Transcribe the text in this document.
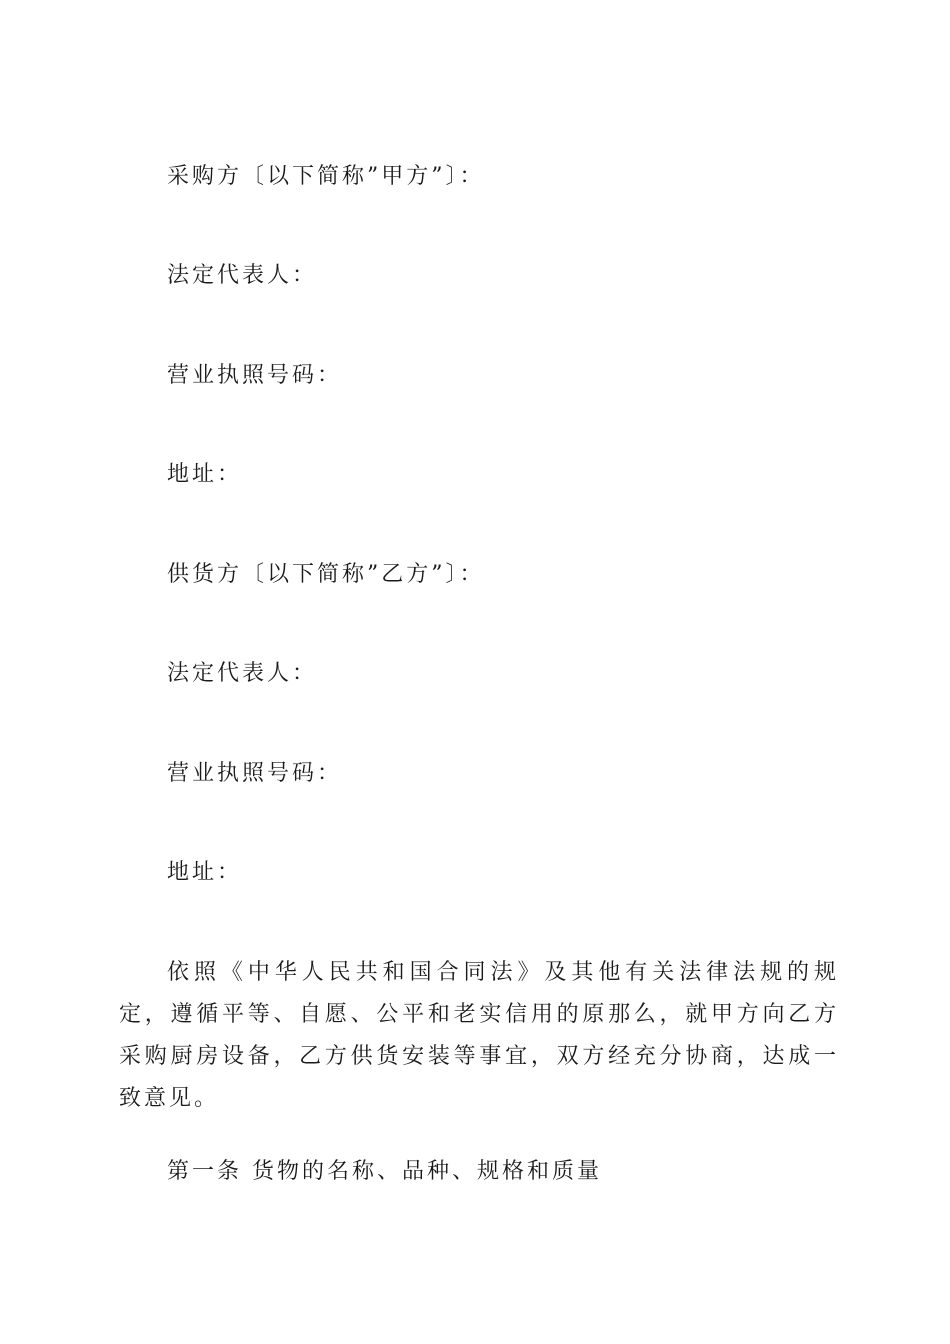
采购方〔以下简称”甲方”〕：
法定代表人：
营业执照号码：
地址：
供货方〔以下简称”乙方”〕：
法定代表人：
营业执照号码：
地址：
依照《中华人民共和国合同法》及其他有关法律法规的规定，遵循平等、自愿、公平和老实信用的原那么，就甲方向乙方采购厨房设备，乙方供货安装等事宜，双方经充分协商，达成一致意见。
第一条 货物的名称、品种、规格和质量
